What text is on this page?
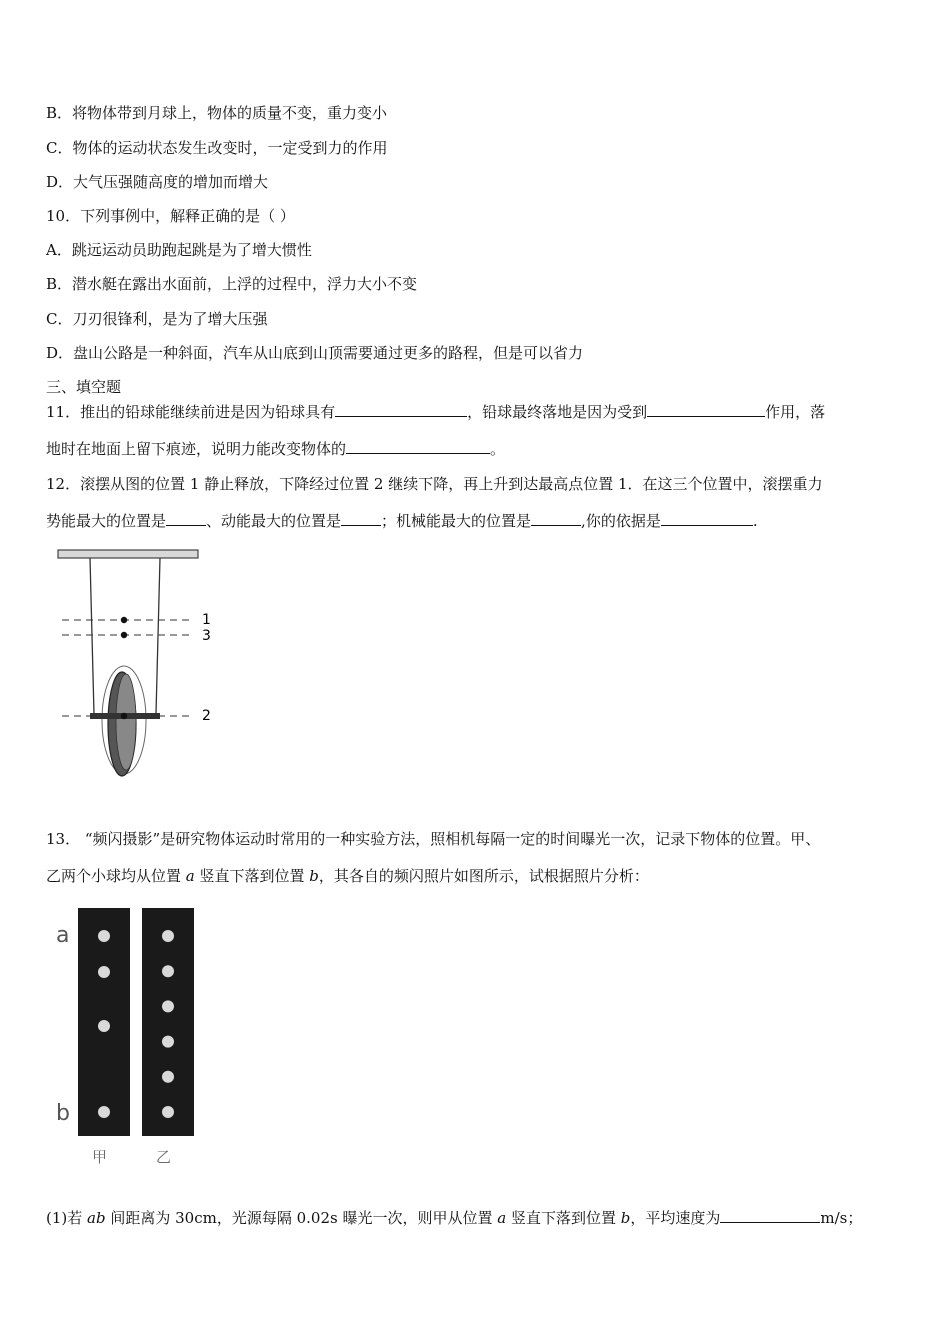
B．将物体带到月球上，物体的质量不变，重力变小
C．物体的运动状态发生改变时，一定受到力的作用
D．大气压强随高度的增加而增大
10．下列事例中，解释正确的是（ ）
A．跳远运动员助跑起跳是为了增大惯性
B．潜水艇在露出水面前，上浮的过程中，浮力大小不变
C．刀刃很锋利，是为了增大压强
D．盘山公路是一种斜面，汽车从山底到山顶需要通过更多的路程，但是可以省力
三、填空题
11．推出的铅球能继续前进是因为铅球具有	，铅球最终落地是因为受到	作用，落
地时在地面上留下痕迹，说明力能改变物体的	。
12．滚摆从图的位置 1 静止释放，下降经过位置 2 继续下降，再上升到达最高点位置 1．在这三个位置中，滚摆重力
势能最大的位置是	、动能最大的位置是	；机械能最大的位置是	,你的依据是	.
1
3
2
13． “频闪摄影”是研究物体运动时常用的一种实验方法，照相机每隔一定的时间曝光一次，记录下物体的位置。甲、
乙两个小球均从位置 a 竖直下落到位置 b，其各自的频闪照片如图所示，试根据照片分析：
a
b
甲	乙
(1)若 ab 间距离为 30cm，光源每隔 0.02s 曝光一次，则甲从位置 a 竖直下落到位置 b，平均速度为	m/s；
